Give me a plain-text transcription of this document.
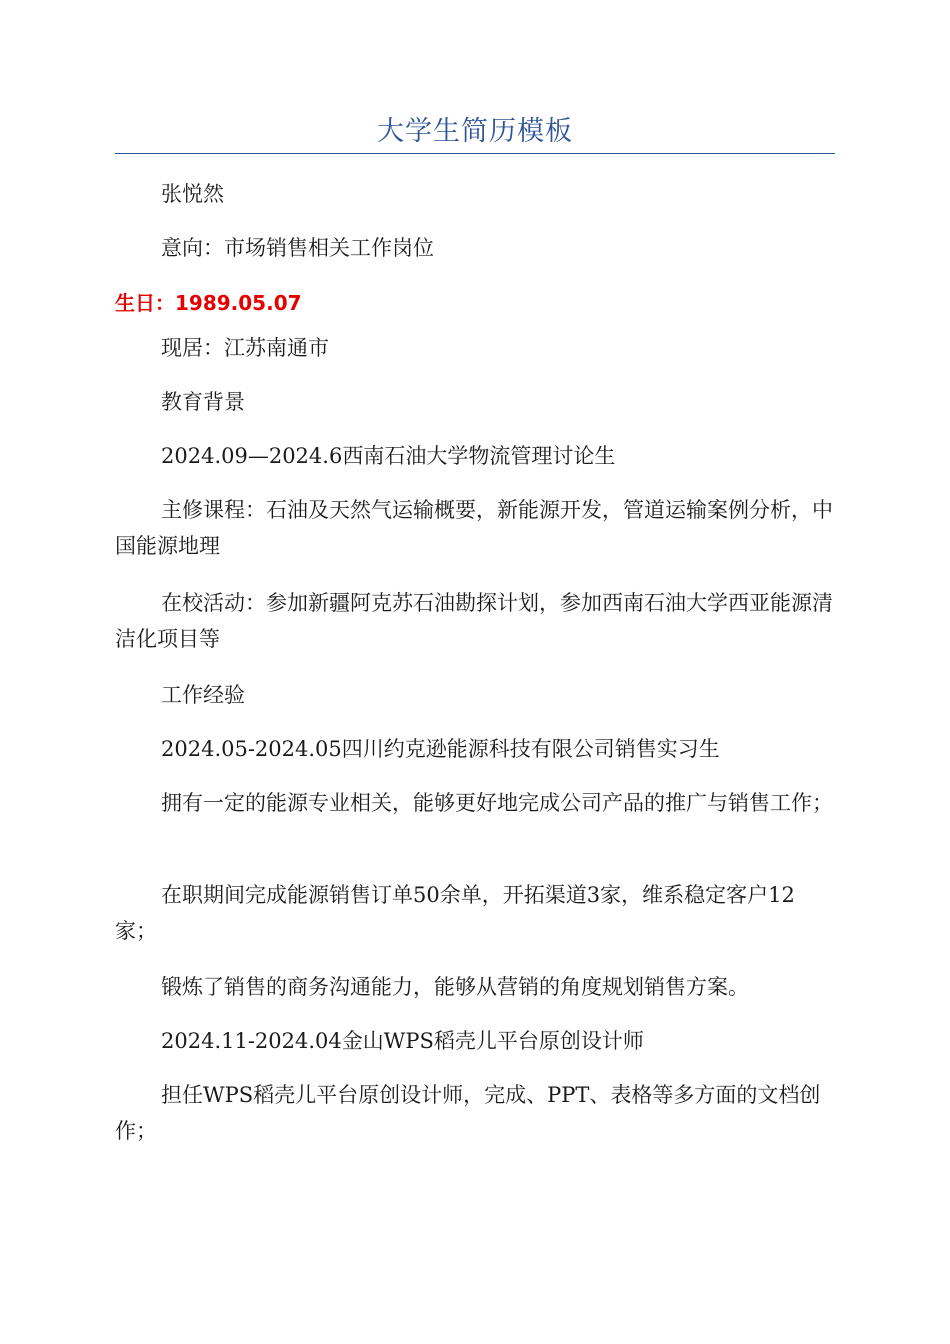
大学生简历模板

张悦然

意向：市场销售相关工作岗位

生日：1989.05.07

现居：江苏南通市

教育背景

2024.09—2024.6西南石油大学物流管理讨论生

主修课程：石油及天然气运输概要，新能源开发，管道运输案例分析，中国能源地理

在校活动：参加新疆阿克苏石油勘探计划，参加西南石油大学西亚能源清洁化项目等

工作经验

2024.05-2024.05四川约克逊能源科技有限公司销售实习生

拥有一定的能源专业相关，能够更好地完成公司产品的推广与销售工作；

在职期间完成能源销售订单50余单，开拓渠道3家，维系稳定客户12家；

锻炼了销售的商务沟通能力，能够从营销的角度规划销售方案。

2024.11-2024.04金山WPS稻壳儿平台原创设计师

担任WPS稻壳儿平台原创设计师，完成、PPT、表格等多方面的文档创作；
